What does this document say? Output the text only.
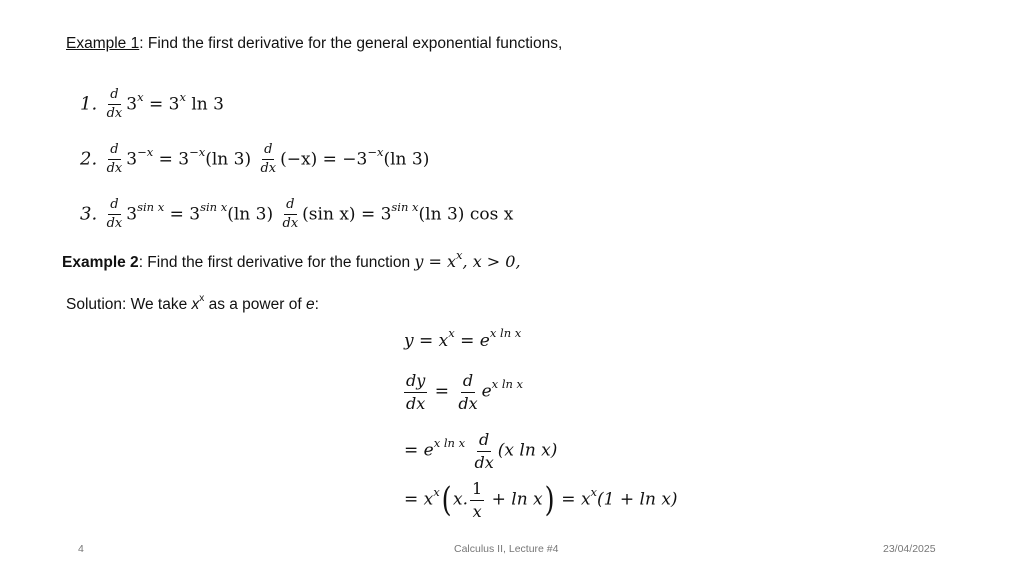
Example 1: Find the first derivative for the general exponential functions,
1. $\frac{d}{dx} 3^x = 3^x$ ln 3
2. $\frac{d}{dx} 3^{-x} = 3^{-x}(\ln$ $3) \frac{d}{dx} (-x) = -3^{-x}(\ln$ 3)
3. $\frac{d}{dx} 3^{sin x} = 3^{sin x}(\ln$ $3) \frac{d}{dx} (\sin$ $x) = 3^{sin x}(\ln$ 3) cos x
Example 2: Find the first derivative for the function $y = x^x$, x > 0,
Solution: We take $x^x$ as a power of e:
$y = x^x = e^{x ln x}$
$\frac{dy}{dx} = \frac{d}{dx} e^{x ln x}$
= $e^{x ln x} \frac{d}{dx} (x$ ln x)
= $x^x(x$. $\frac{1}{x} + \ln x) = x^x(1 + \ln x)$
4	Calculus II, Lecture #4	23/04/2025
